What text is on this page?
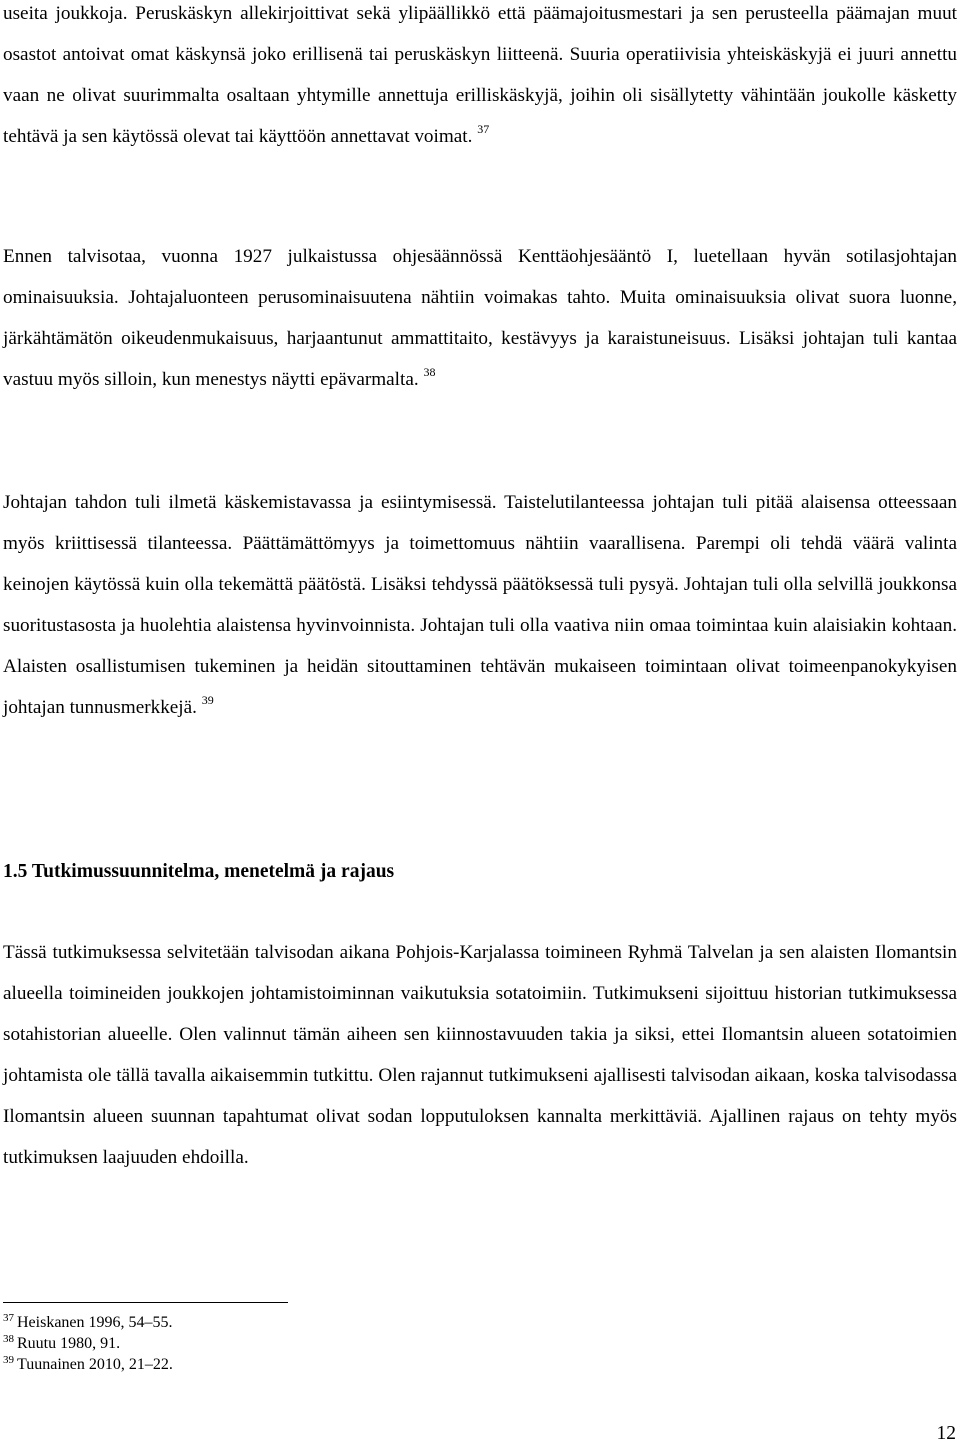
useita joukkoja. Peruskäskyn allekirjoittivat sekä ylipäällikkö että päämajoitusmestari ja sen perusteella päämajan muut osastot antoivat omat käskynsä joko erillisenä tai peruskäskyn liitteenä. Suuria operatiivisia yhteiskäskyjä ei juuri annettu vaan ne olivat suurimmalta osaltaan yhtymille annettuja erilliskäskyjä, joihin oli sisällytetty vähintään joukolle käsketty tehtävä ja sen käytössä olevat tai käyttöön annettavat voimat. $^{37}$

Ennen talvisotaa, vuonna 1927 julkaistussa ohjesäännössä Kenttäohjesääntö I, luetellaan hyvän sotilasjohtajan ominaisuuksia. Johtajaluonteen perusominaisuutena nähtiin voimakas tahto. Muita ominaisuuksia olivat suora luonne, järkähtämätön oikeudenmukaisuus, harjaantunut ammattitaito, kestävyys ja karaistuneisuus. Lisäksi johtajan tuli kantaa vastuu myös silloin, kun menestys näytti epävarmalta. $^{38}$

Johtajan tahdon tuli ilmetä käskemistavassa ja esiintymisessä. Taistelutilanteessa johtajan tuli pitää alaisensa otteessaan myös kriittisessä tilanteessa. Päättämättömyys ja toimettomuus nähtiin vaarallisena. Parempi oli tehdä väärä valinta keinojen käytössä kuin olla tekemättä päätöstä. Lisäksi tehdyssä päätöksessä tuli pysyä. Johtajan tuli olla selvillä joukkonsa suoritustasosta ja huolehtia alaistensa hyvinvoinnista. Johtajan tuli olla vaativa niin omaa toimintaa kuin alaisiakin kohtaan. Alaisten osallistumisen tukeminen ja heidän sitouttaminen tehtävän mukaiseen toimintaan olivat toimeenpanokykyisen johtajan tunnusmerkkejä. $^{39}$

1.5 Tutkimussuunnitelma, menetelmä ja rajaus

Tässä tutkimuksessa selvitetään talvisodan aikana Pohjois-Karjalassa toimineen Ryhmä Talvelan ja sen alaisten Ilomantsin alueella toimineiden joukkojen johtamistoiminnan vaikutuksia sotatoimiin. Tutkimukseni sijoittuu historian tutkimuksessa sotahistorian alueelle. Olen valinnut tämän aiheen sen kiinnostavuuden takia ja siksi, ettei Ilomantsin alueen sotatoimien johtamista ole tällä tavalla aikaisemmin tutkittu. Olen rajannut tutkimukseni ajallisesti talvisodan aikaan, koska talvisodassa Ilomantsin alueen suunnan tapahtumat olivat sodan lopputuloksen kannalta merkittäviä. Ajallinen rajaus on tehty myös tutkimuksen laajuuden ehdoilla.

$^{37}$ Heiskanen 1996, 54–55.
$^{38}$ Ruutu 1980, 91.
$^{39}$ Tuunainen 2010, 21–22.
12
